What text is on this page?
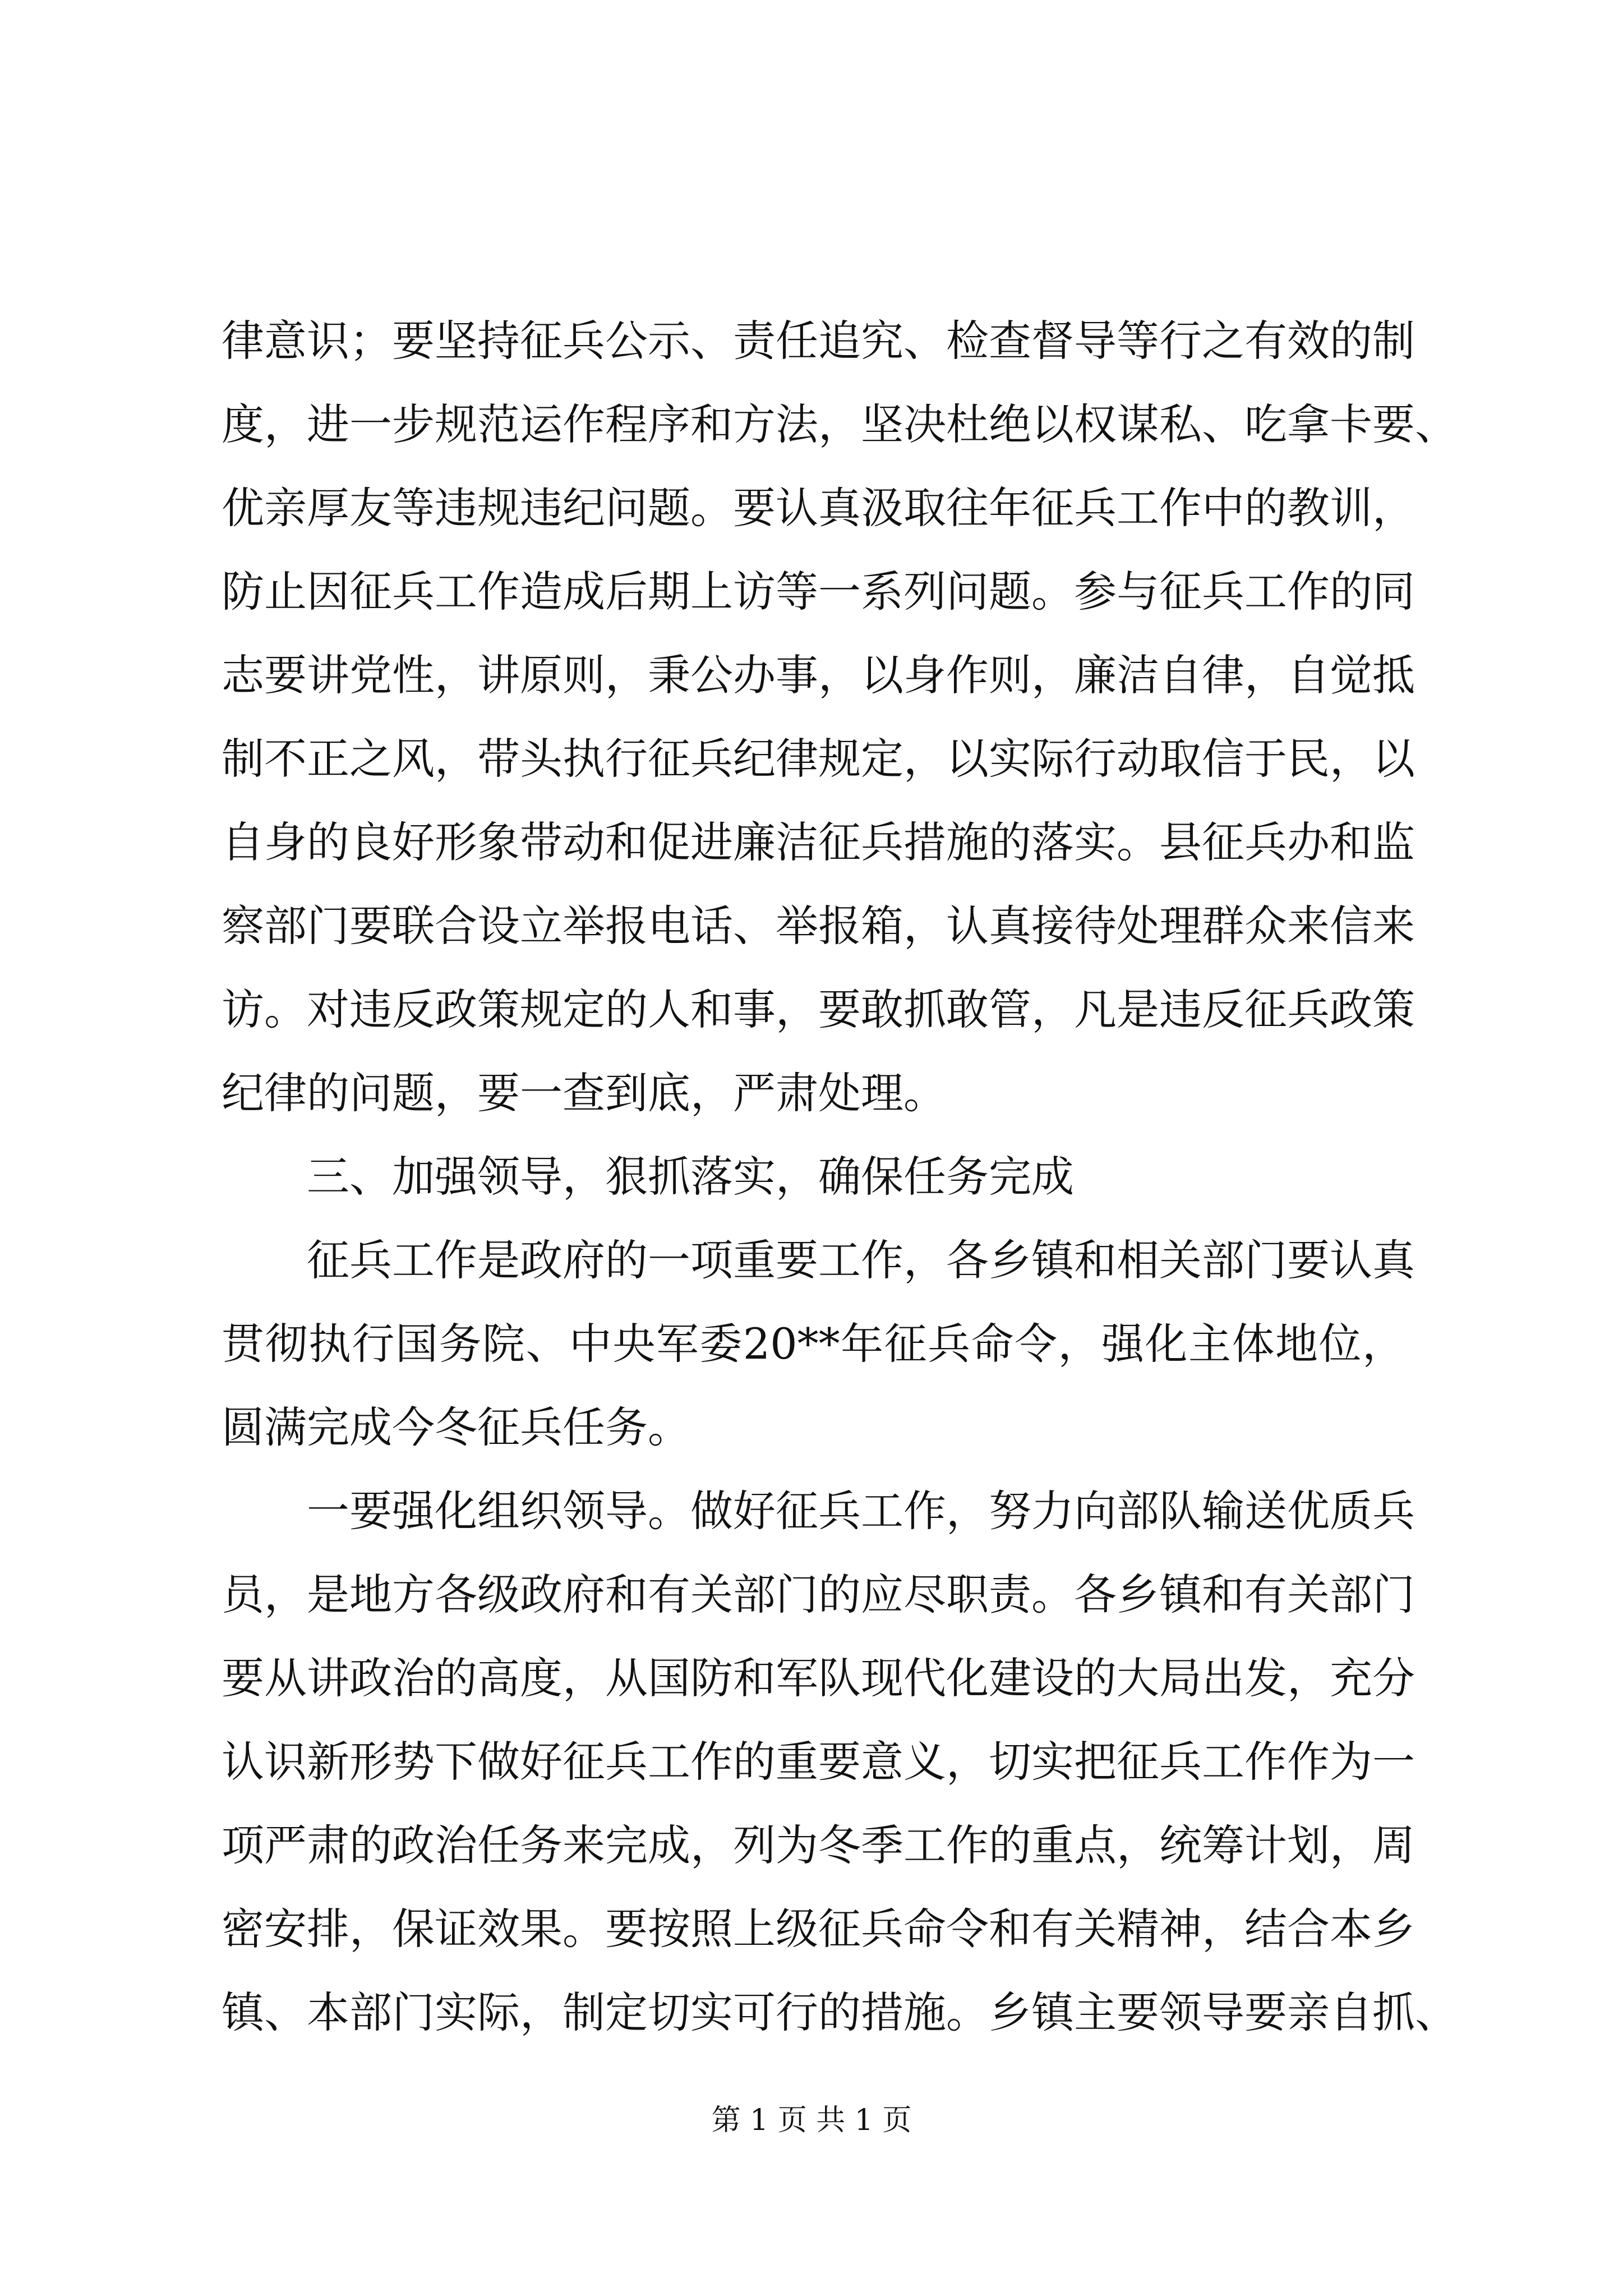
律意识；要坚持征兵公示、责任追究、检查督导等行之有效的制
度，进一步规范运作程序和方法，坚决杜绝以权谋私、吃拿卡要、
优亲厚友等违规违纪问题。要认真汲取往年征兵工作中的教训，
防止因征兵工作造成后期上访等一系列问题。参与征兵工作的同
志要讲党性，讲原则，秉公办事，以身作则，廉洁自律，自觉抵
制不正之风，带头执行征兵纪律规定，以实际行动取信于民，以
自身的良好形象带动和促进廉洁征兵措施的落实。县征兵办和监
察部门要联合设立举报电话、举报箱，认真接待处理群众来信来
访。对违反政策规定的人和事，要敢抓敢管，凡是违反征兵政策
纪律的问题，要一查到底，严肃处理。
三、加强领导，狠抓落实，确保任务完成
征兵工作是政府的一项重要工作，各乡镇和相关部门要认真
贯彻执行国务院、中央军委20**年征兵命令，强化主体地位，
圆满完成今冬征兵任务。
一要强化组织领导。做好征兵工作，努力向部队输送优质兵
员，是地方各级政府和有关部门的应尽职责。各乡镇和有关部门
要从讲政治的高度，从国防和军队现代化建设的大局出发，充分
认识新形势下做好征兵工作的重要意义，切实把征兵工作作为一
项严肃的政治任务来完成，列为冬季工作的重点，统筹计划，周
密安排，保证效果。要按照上级征兵命令和有关精神，结合本乡
镇、本部门实际，制定切实可行的措施。乡镇主要领导要亲自抓、
第 1 页 共 1 页
